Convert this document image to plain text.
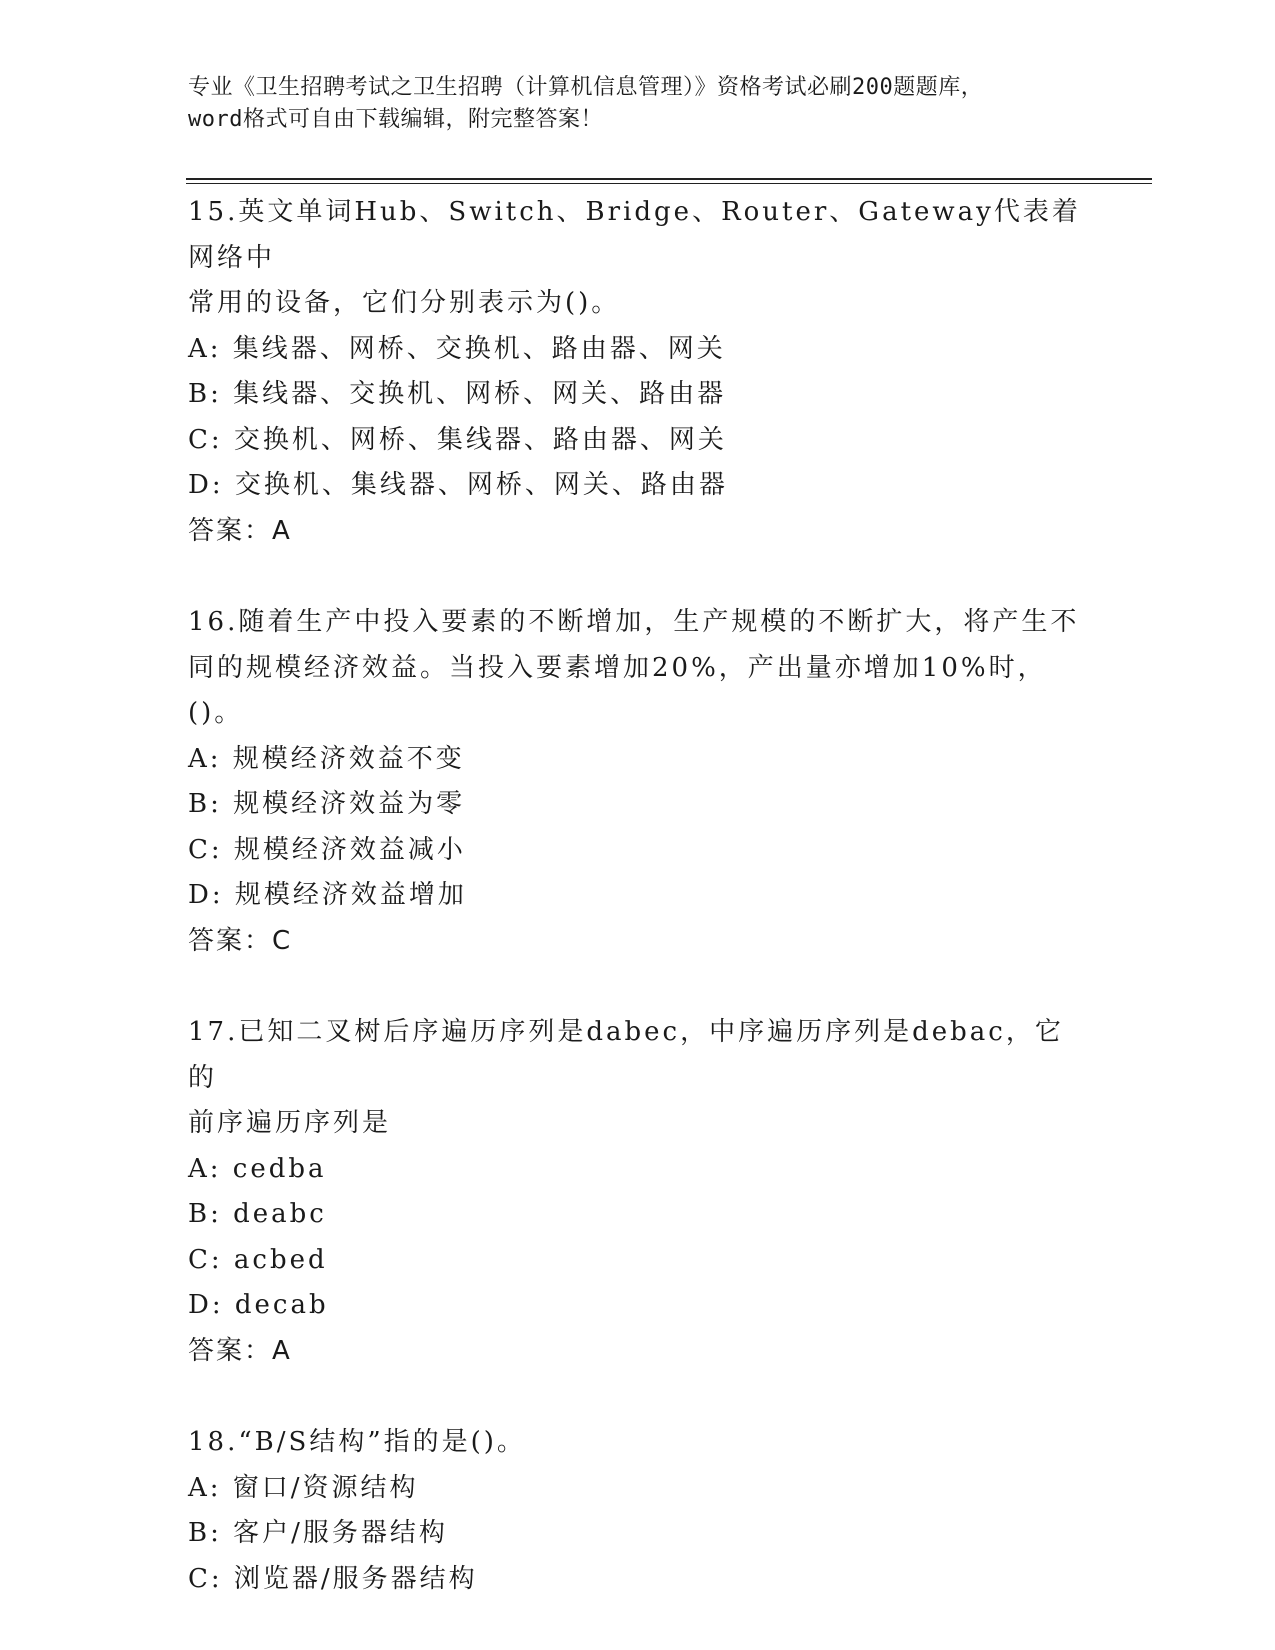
专业《卫生招聘考试之卫生招聘（计算机信息管理）》资格考试必刷200题题库，

word格式可自由下载编辑，附完整答案！

15.英文单词Hub、Switch、Bridge、Router、Gateway代表着网络中

常用的设备，它们分别表示为()。

A: 集线器、网桥、交换机、路由器、网关

B: 集线器、交换机、网桥、网关、路由器

C: 交换机、网桥、集线器、路由器、网关

D: 交换机、集线器、网桥、网关、路由器

答案：A

16.随着生产中投入要素的不断增加，生产规模的不断扩大，将产生不

同的规模经济效益。当投入要素增加20%，产出量亦增加10%时，()。

A: 规模经济效益不变

B: 规模经济效益为零

C: 规模经济效益减小

D: 规模经济效益增加

答案：C

17.已知二叉树后序遍历序列是dabec，中序遍历序列是debac，它的

前序遍历序列是

A: cedba

B: deabc

C: acbed

D: decab

答案：A

18.“B/S结构”指的是()。

A: 窗口/资源结构

B: 客户/服务器结构

C: 浏览器/服务器结构
